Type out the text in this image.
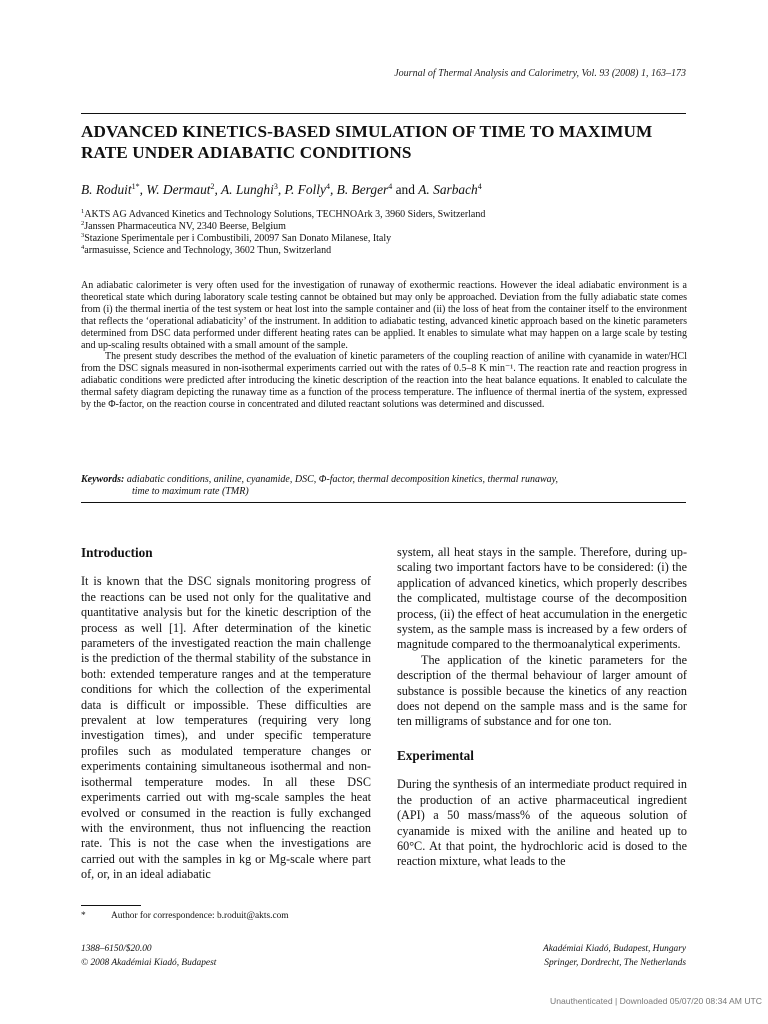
Journal of Thermal Analysis and Calorimetry, Vol. 93 (2008) 1, 163–173
ADVANCED KINETICS-BASED SIMULATION OF TIME TO MAXIMUM
RATE UNDER ADIABATIC CONDITIONS
B. Roduit$^{1*}$, W. Dermaut$^2$, A. Lunghi$^3$, P. Folly$^4$, B. Berger$^4$ and A. Sarbach$^4$
$^1$AKTS AG Advanced Kinetics and Technology Solutions, TECHNOArk 3, 3960 Siders, Switzerland
$^2$Janssen Pharmaceutica NV, 2340 Beerse, Belgium
$^3$Stazione Sperimentale per i Combustibili, 20097 San Donato Milanese, Italy
$^4$armasuisse, Science and Technology, 3602 Thun, Switzerland

An adiabatic calorimeter is very often used for the investigation of runaway of exothermic reactions. However the ideal adiabatic environment is a theoretical state which during laboratory scale testing cannot be obtained but may only be approached. Deviation from the fully adiabatic state comes from (i) the thermal inertia of the test system or heat lost into the sample container and (ii) the loss of heat from the container itself to the environment that reflects the ‘operational adiabaticity’ of the instrument. In addition to adiabatic testing, advanced kinetic approach based on the kinetic parameters determined from DSC data performed under different heating rates can be applied. It enables to simulate what may happen on a large scale by testing and up-scaling results obtained with a small amount of the sample.

The present study describes the method of the evaluation of kinetic parameters of the coupling reaction of aniline with cyanamide in water/HCl from the DSC signals measured in non-isothermal experiments carried out with the rates of 0.5–8 K min⁻¹. The reaction rate and reaction progress in adiabatic conditions were predicted after introducing the kinetic description of the reaction into the heat balance equations. It enabled to calculate the thermal safety diagram depicting the runaway time as a function of the process temperature. The influence of thermal inertia of the system, expressed by the Φ-factor, on the reaction course in concentrated and diluted reactant solutions was determined and discussed.

Keywords: adiabatic conditions, aniline, cyanamide, DSC, Φ-factor, thermal decomposition kinetics, thermal runaway,
time to maximum rate (TMR)
Introduction

It is known that the DSC signals monitoring progress of the reactions can be used not only for the qualitative and quantitative analysis but for the kinetic description of the process as well [1]. After determination of the kinetic parameters of the investigated reaction the main challenge is the prediction of the thermal stability of the substance in both: extended temperature ranges and at the temperature conditions for which the collection of the experimental data is difficult or impossible. These difficulties are prevalent at low temperatures (requiring very long investigation times), and under specific temperature profiles such as modulated temperature changes or experiments containing simultaneous isothermal and non-isothermal temperature modes. In all these DSC experiments carried out with mg-scale samples the heat evolved or consumed in the reaction is fully exchanged with the environment, thus not influencing the reaction rate. This is not the case when the investigations are carried out with the samples in kg or Mg-scale where part of, or, in an ideal adiabatic

system, all heat stays in the sample. Therefore, during up-scaling two important factors have to be considered: (i) the application of advanced kinetics, which properly describes the complicated, multistage course of the decomposition process, (ii) the effect of heat accumulation in the energetic system, as the sample mass is increased by a few orders of magnitude compared to the thermoanalytical experiments.

The application of the kinetic parameters for the description of the thermal behaviour of larger amount of substance is possible because the kinetics of any reaction does not depend on the sample mass and is the same for ten milligrams of substance and for one ton.

Experimental

During the synthesis of an intermediate product required in the production of an active pharmaceutical ingredient (API) a 50 mass/mass% of the aqueous solution of cyanamide is mixed with the aniline and heated up to 60°C. At that point, the hydrochloric acid is dosed to the reaction mixture, what leads to the

*	Author for correspondence: b.roduit@akts.com
1388–6150/$20.00
© 2008 Akadémiai Kiadó, Budapest
Akadémiai Kiadó, Budapest, Hungary
Springer, Dordrecht, The Netherlands
Unauthenticated | Downloaded 05/07/20 08:34 AM UTC
